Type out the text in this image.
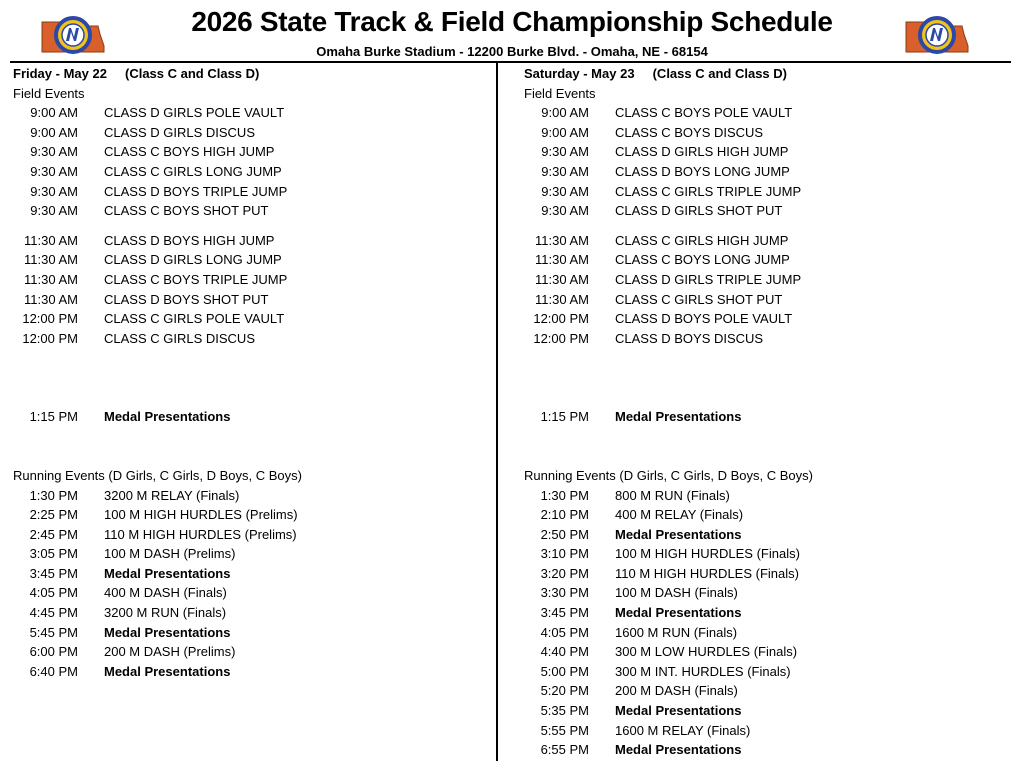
2026 State Track & Field Championship Schedule
Omaha Burke Stadium - 12200 Burke Blvd. - Omaha, NE - 68154
Friday - May 22     (Class C and Class D)
Field Events
9:00 AM CLASS D GIRLS POLE VAULT
9:00 AM CLASS D GIRLS DISCUS
9:30 AM CLASS C BOYS HIGH JUMP
9:30 AM CLASS C GIRLS LONG JUMP
9:30 AM CLASS D BOYS TRIPLE JUMP
9:30 AM CLASS C BOYS SHOT PUT
11:30 AM CLASS D BOYS HIGH JUMP
11:30 AM CLASS D GIRLS LONG JUMP
11:30 AM CLASS C BOYS TRIPLE JUMP
11:30 AM CLASS D BOYS SHOT PUT
12:00 PM CLASS C GIRLS POLE VAULT
12:00 PM CLASS C GIRLS DISCUS
1:15 PM Medal Presentations
Running Events (D Girls, C Girls, D Boys, C Boys)
1:30 PM 3200 M RELAY (Finals)
2:25 PM 100 M HIGH HURDLES (Prelims)
2:45 PM 110 M HIGH HURDLES (Prelims)
3:05 PM 100 M DASH (Prelims)
3:45 PM Medal Presentations
4:05 PM 400 M DASH (Finals)
4:45 PM 3200 M RUN (Finals)
5:45 PM Medal Presentations
6:00 PM 200 M DASH (Prelims)
6:40 PM Medal Presentations
Saturday - May 23     (Class C and Class D)
Field Events
9:00 AM CLASS C BOYS POLE VAULT
9:00 AM CLASS C BOYS DISCUS
9:30 AM CLASS D GIRLS HIGH JUMP
9:30 AM CLASS D BOYS LONG JUMP
9:30 AM CLASS C GIRLS TRIPLE JUMP
9:30 AM CLASS D GIRLS SHOT PUT
11:30 AM CLASS C GIRLS HIGH JUMP
11:30 AM CLASS C BOYS LONG JUMP
11:30 AM CLASS D GIRLS TRIPLE JUMP
11:30 AM CLASS C GIRLS SHOT PUT
12:00 PM CLASS D BOYS POLE VAULT
12:00 PM CLASS D BOYS DISCUS
1:15 PM Medal Presentations
Running Events (D Girls, C Girls, D Boys, C Boys)
1:30 PM 800 M RUN (Finals)
2:10 PM 400 M RELAY (Finals)
2:50 PM Medal Presentations
3:10 PM 100 M HIGH HURDLES (Finals)
3:20 PM 110 M HIGH HURDLES (Finals)
3:30 PM 100 M DASH (Finals)
3:45 PM Medal Presentations
4:05 PM 1600 M RUN (Finals)
4:40 PM 300 M LOW HURDLES (Finals)
5:00 PM 300 M INT. HURDLES (Finals)
5:20 PM 200 M DASH (Finals)
5:35 PM Medal Presentations
5:55 PM 1600 M RELAY (Finals)
6:55 PM Medal Presentations
